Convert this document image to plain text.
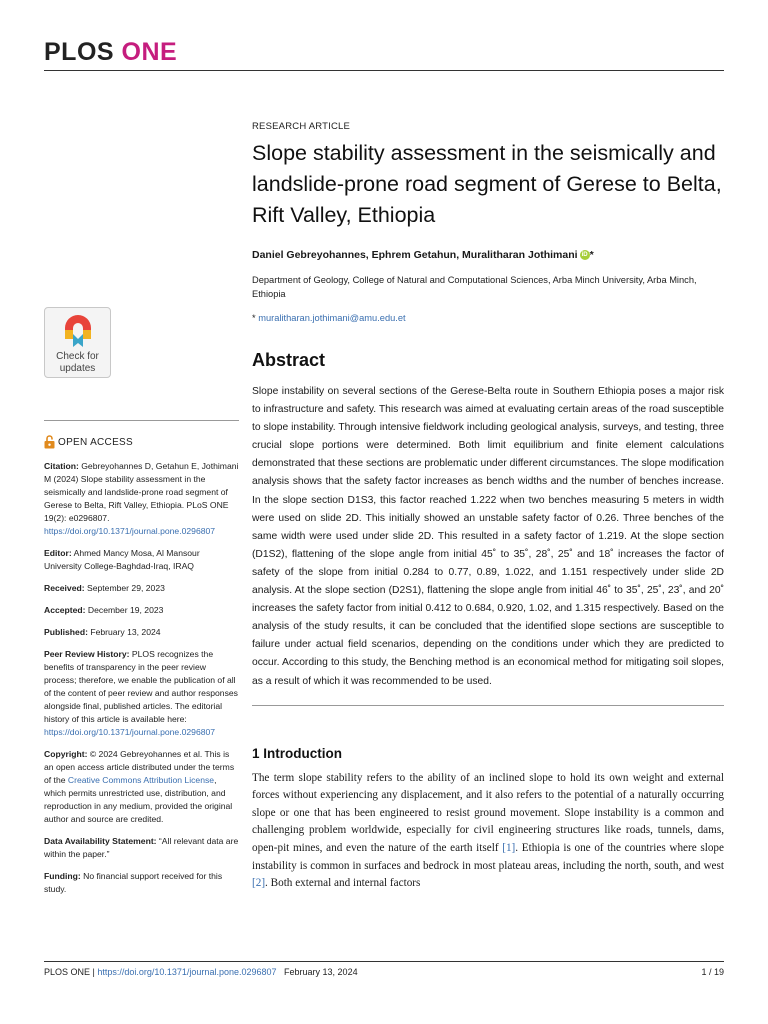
PLOS ONE
Check for
updates
OPEN ACCESS

Citation: Gebreyohannes D, Getahun E, Jothimani M (2024) Slope stability assessment in the seismically and landslide-prone road segment of Gerese to Belta, Rift Valley, Ethiopia. PLoS ONE 19(2): e0296807. https://doi.org/10.1371/journal.pone.0296807

Editor: Ahmed Mancy Mosa, Al Mansour University College-Baghdad-Iraq, IRAQ

Received: September 29, 2023

Accepted: December 19, 2023

Published: February 13, 2024

Peer Review History: PLOS recognizes the benefits of transparency in the peer review process; therefore, we enable the publication of all of the content of peer review and author responses alongside final, published articles. The editorial history of this article is available here: https://doi.org/10.1371/journal.pone.0296807

Copyright: © 2024 Gebreyohannes et al. This is an open access article distributed under the terms of the Creative Commons Attribution License, which permits unrestricted use, distribution, and reproduction in any medium, provided the original author and source are credited.

Data Availability Statement: “All relevant data are within the paper.”

Funding: No financial support received for this study.

RESEARCH ARTICLE
Slope stability assessment in the seismically and landslide-prone road segment of Gerese to Belta, Rift Valley, Ethiopia
Daniel Gebreyohannes, Ephrem Getahun, Muralitharan Jothimani iD *
Department of Geology, College of Natural and Computational Sciences, Arba Minch University, Arba Minch, Ethiopia
* muralitharan.jothimani@amu.edu.et
Abstract

Slope instability on several sections of the Gerese-Belta route in Southern Ethiopia poses a major risk to infrastructure and safety. This research was aimed at evaluating certain areas of the road susceptible to slope instability. Through intensive fieldwork including geological analysis, surveys, and testing, three crucial slope portions were determined. Both limit equilibrium and finite element calculations demonstrated that these sections are problematic under different circumstances. The slope modification analysis shows that the safety factor increases as bench widths and the number of benches increase. In the slope section D1S3, this factor reached 1.222 when two benches measuring 5 meters in width were used on slide 2D. This initially showed an unstable safety factor of 0.26. Three benches of the same width were used under slide 2D. This resulted in a safety factor of 1.219. At the slope section (D1S2), flattening of the slope angle from initial 45˚ to 35˚, 28˚, 25˚ and 18˚ increases the factor of safety of the slope from initial 0.284 to 0.77, 0.89, 1.022, and 1.151 respectively under slide 2D analysis. At the slope section (D2S1), flattening the slope angle from initial 46˚ to 35˚, 25˚, 23˚, and 20˚ increases the safety factor from initial 0.412 to 0.684, 0.920, 1.02, and 1.315 respectively. Based on the analysis of the study results, it can be concluded that the identified slope sections are susceptible to failure under actual field scenarios, depending on the conditions under which they are predicted to occur. According to this study, the Benching method is an economical method for mitigating soil slopes, as a result of which it was recommended to be used.

1 Introduction

The term slope stability refers to the ability of an inclined slope to hold its own weight and external forces without experiencing any displacement, and it also refers to the potential of a naturally occurring slope or one that has been engineered to resist ground movement. Slope instability is a common and challenging problem worldwide, especially for civil engineering structures like roads, tunnels, dams, open-pit mines, and even the nature of the earth itself [1]. Ethiopia is one of the countries where slope instability is common in surfaces and bedrock in most plateau areas, including the north, south, and west [2]. Both external and internal factors

PLOS ONE | https://doi.org/10.1371/journal.pone.0296807 February 13, 2024	1 / 19
